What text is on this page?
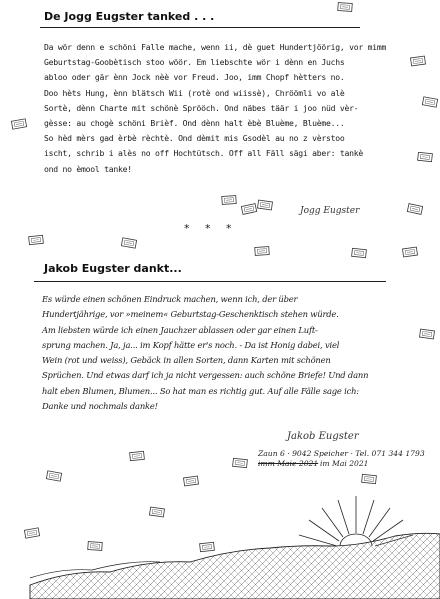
De Jogg Eugster tanked . . .
Da wör denn e schöni Falle mache, wenn ii, dè guet Hundertjöörig, vor mimm
Geburtstag-Goobètisch stoo wöör. Em liebschte wör i dènn en Juchs
abloo oder gär ènn Jock nèè vor Freud. Joo, imm Chopf hètters no.
Doo hèts Hung, ènn blätsch Wii (rotè ond wiissè), Chröömli vo alè
Sortè, dènn Charte mit schönè Sprööch. Ond näbes täär i joo nüd vèr-
gèsse: au chogè schöni Brièf. Ond dènn halt èbè Bluème, Bluème...
So hèd mèrs gad èrbè rèchtè. Ond dèmit mis Gsodèl au no z vèrstoo
ischt, schrib i alès no off Hochtütsch. Off all Fäll sägi aber: tankè
ond no èmool tanke!
Jogg Eugster
* * *
Jakob Eugster dankt...
Es würde einen schönen Eindruck machen, wenn ich, der über
Hundertjährige, vor »meinem« Geburtstag-Geschenktisch stehen würde.
Am liebsten würde ich einen Jauchzer ablassen oder gar einen Luft-
sprung machen. Ja, ja... im Kopf hätte er's noch. - Da ist Honig dabei, viel
Wein (rot und weiss), Gebäck in allen Sorten, dann Karten mit schönen
Sprüchen. Und etwas darf ich ja nicht vergessen: auch schöne Briefe! Und dann
halt eben Blumen, Blumen... So hat man es richtig gut. Auf alle Fälle sage ich:
Danke und nochmals danke!
Jakob Eugster
Zaun 6 · 9042 Speicher · Tel. 071 344 1793
imm Maie 2021 im Mai 2021
